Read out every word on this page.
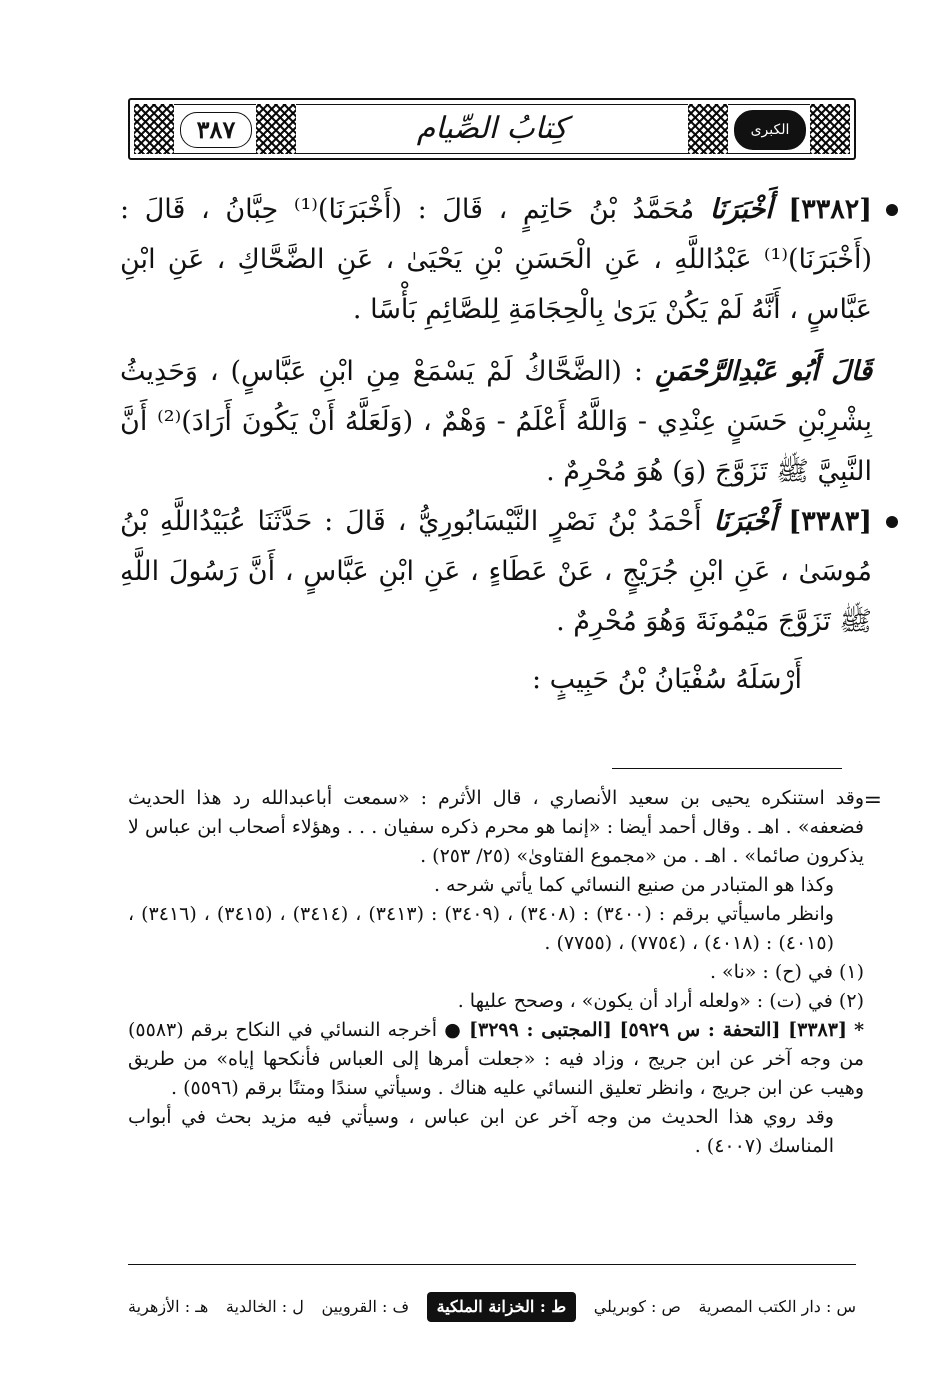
٣٨٧	الكبرى
كِتابُ الصِّيام

[٣٣٨٢] أَخْبَرَنَا مُحَمَّدُ بْنُ حَاتِمٍ ، قَالَ : (أَخْبَرَنَا)⁽¹⁾ حِبَّانُ ، قَالَ : (أَخْبَرَنَا)⁽¹⁾ عَبْدُاللَّهِ ، عَنِ الْحَسَنِ بْنِ يَحْيَىٰ ، عَنِ الضَّحَّاكِ ، عَنِ ابْنِ عَبَّاسٍ ، أَنَّهُ لَمْ يَكُنْ يَرَىٰ بِالْحِجَامَةِ لِلصَّائِمِ بَأْسًا .

قَالَ أَبُو عَبْدِالرَّحْمَنِ : (الضَّحَّاكُ لَمْ يَسْمَعْ مِنِ ابْنِ عَبَّاسٍ) ، وَحَدِيثُ بِشْرِبْنِ حَسَنٍ عِنْدِي - وَاللَّهُ أَعْلَمُ - وَهْمٌ ، (وَلَعَلَّهُ أَنْ يَكُونَ أَرَادَ)⁽²⁾ أَنَّ النَّبِيَّ ﷺ تَزَوَّجَ (وَ) هُوَ مُحْرِمٌ .

[٣٣٨٣] أَخْبَرَنَا أَحْمَدُ بْنُ نَصْرٍ النَّيْسَابُورِيُّ ، قَالَ : حَدَّثَنَا عُبَيْدُاللَّهِ بْنُ مُوسَىٰ ، عَنِ ابْنِ جُرَيْجٍ ، عَنْ عَطَاءٍ ، عَنِ ابْنِ عَبَّاسٍ ، أَنَّ رَسُولَ اللَّهِ ﷺ تَزَوَّجَ مَيْمُونَةَ وَهُوَ مُحْرِمٌ .

أَرْسَلَهُ سُفْيَانُ بْنُ حَبِيبٍ :

=

وقد استنكره يحيى بن سعيد الأنصاري ، قال الأثرم : «سمعت أباعبدالله رد هذا الحديث فضعفه» . اهـ . وقال أحمد أيضا : «إنما هو محرم ذكره سفيان . . . وهؤلاء أصحاب ابن عباس لا يذكرون صائما» . اهـ . من «مجموع الفتاوىٰ» (٢٥/ ٢٥٣) .

وكذا هو المتبادر من صنيع النسائي كما يأتي شرحه .

وانظر ماسيأتي برقم : (٣٤٠٠) : (٣٤٠٨) ، (٣٤٠٩) : (٣٤١٣) ، (٣٤١٤) ، (٣٤١٥) ، (٣٤١٦) ، (٤٠١٥) : (٤٠١٨) ، (٧٧٥٤) ، (٧٧٥٥) .

(١) في (ح) : «نا» .

(٢) في (ت) : «ولعله أراد أن يكون» ، وصحح عليها .

* [٣٣٨٣] [التحفة : س ٥٩٢٩] [المجتبى : ٣٢٩٩] ● أخرجه النسائي في النكاح برقم (٥٥٨٣) من وجه آخر عن ابن جريج ، وزاد فيه : «جعلت أمرها إلى العباس فأنكحها إياه» من طريق وهيب عن ابن جريج ، وانظر تعليق النسائي عليه هناك . وسيأتي سندًا ومتنًا برقم (٥٥٩٦) .

وقد روي هذا الحديث من وجه آخر عن ابن عباس ، وسيأتي فيه مزيد بحث في أبواب المناسك (٤٠٠٧) .

س : دار الكتب المصرية
ص : كوبريلي
ط : الخزانة الملكية
ف : القرويين
ل : الخالدية
هـ : الأزهرية
